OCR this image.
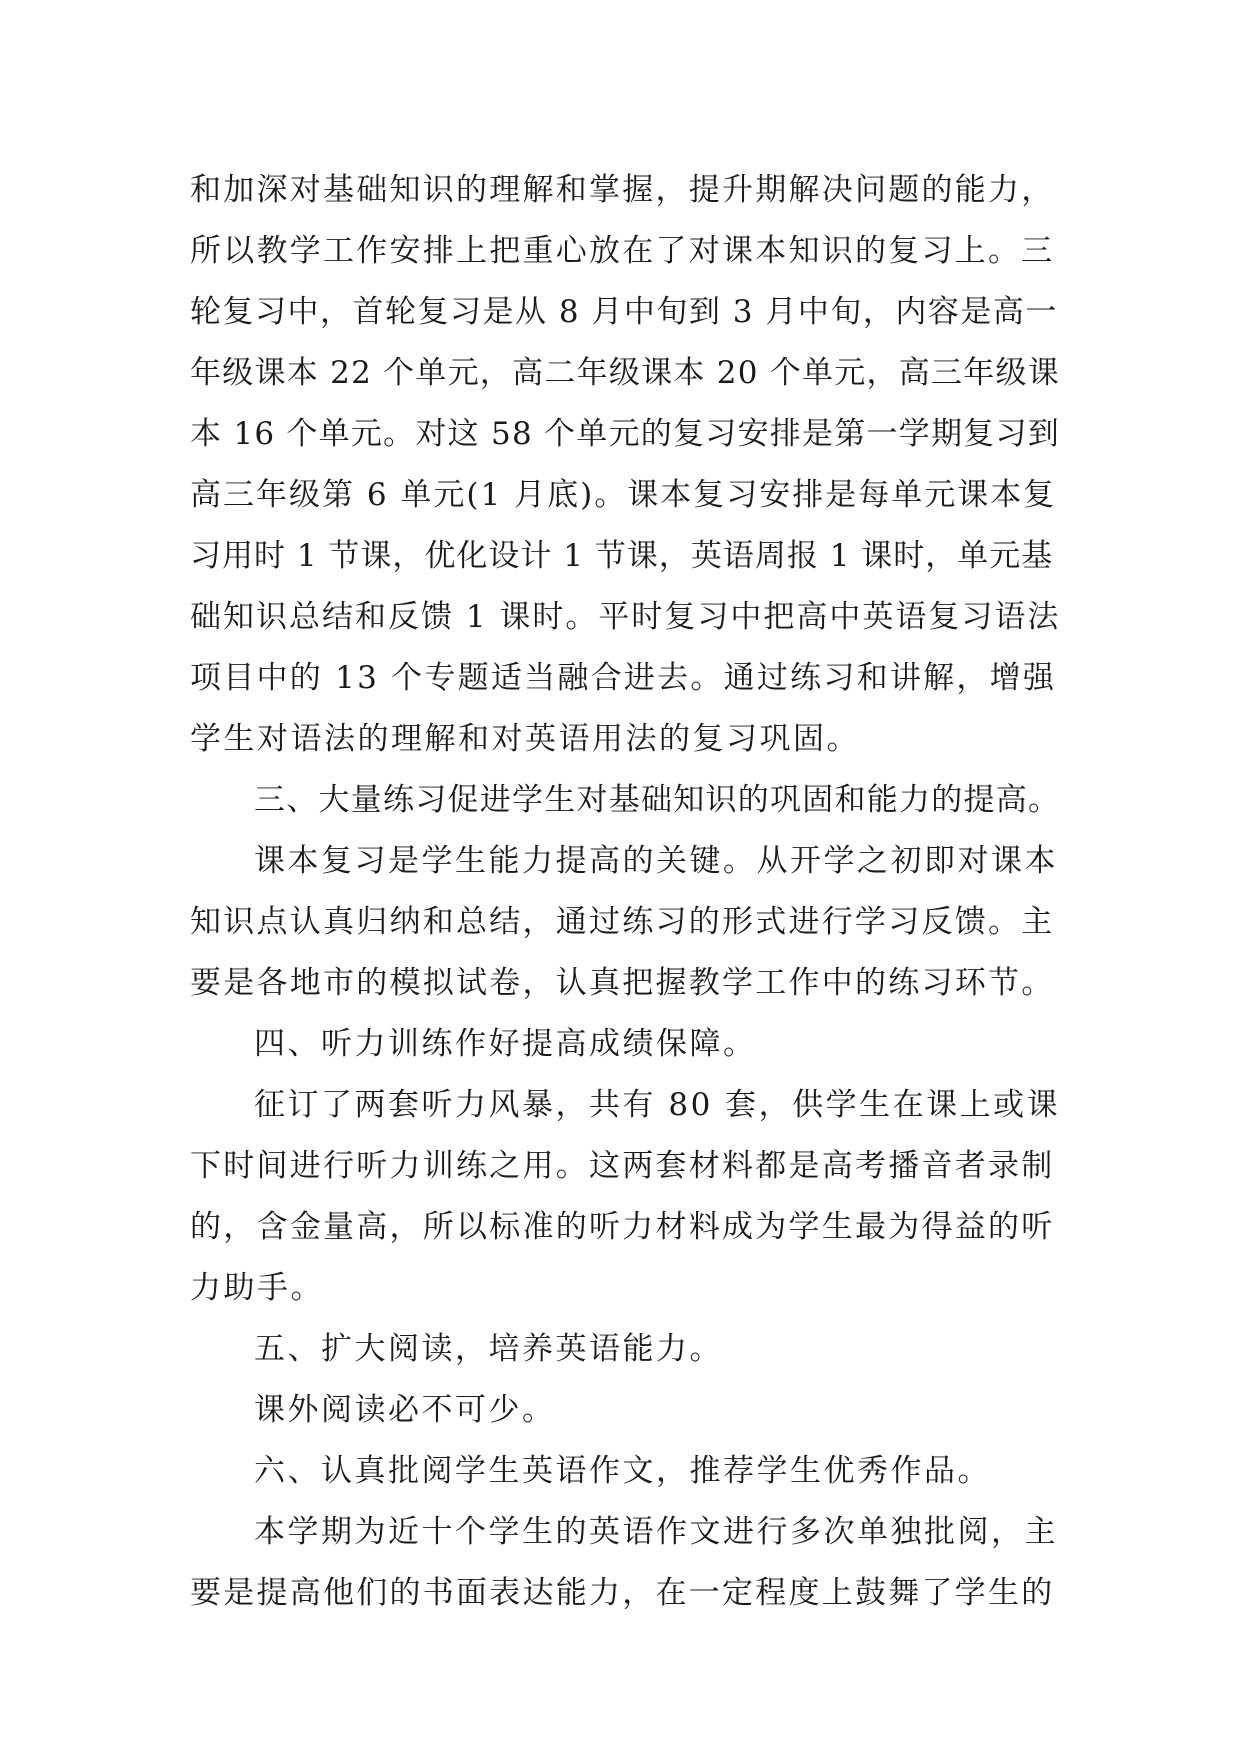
和加深对基础知识的理解和掌握，提升期解决问题的能力，

所以教学工作安排上把重心放在了对课本知识的复习上。三

轮复习中，首轮复习是从 8 月中旬到 3 月中旬，内容是高一

年级课本 22 个单元，高二年级课本 20 个单元，高三年级课

本 16 个单元。对这 58 个单元的复习安排是第一学期复习到

高三年级第 6 单元(1 月底)。课本复习安排是每单元课本复

习用时 1 节课，优化设计 1 节课，英语周报 1 课时，单元基

础知识总结和反馈 1 课时。平时复习中把高中英语复习语法

项目中的 13 个专题适当融合进去。通过练习和讲解，增强

学生对语法的理解和对英语用法的复习巩固。

三、大量练习促进学生对基础知识的巩固和能力的提高。

课本复习是学生能力提高的关键。从开学之初即对课本

知识点认真归纳和总结，通过练习的形式进行学习反馈。主

要是各地市的模拟试卷，认真把握教学工作中的练习环节。

四、听力训练作好提高成绩保障。

征订了两套听力风暴，共有 80 套，供学生在课上或课

下时间进行听力训练之用。这两套材料都是高考播音者录制

的，含金量高，所以标准的听力材料成为学生最为得益的听

力助手。

五、扩大阅读，培养英语能力。

课外阅读必不可少。

六、认真批阅学生英语作文，推荐学生优秀作品。

本学期为近十个学生的英语作文进行多次单独批阅，主

要是提高他们的书面表达能力，在一定程度上鼓舞了学生的
